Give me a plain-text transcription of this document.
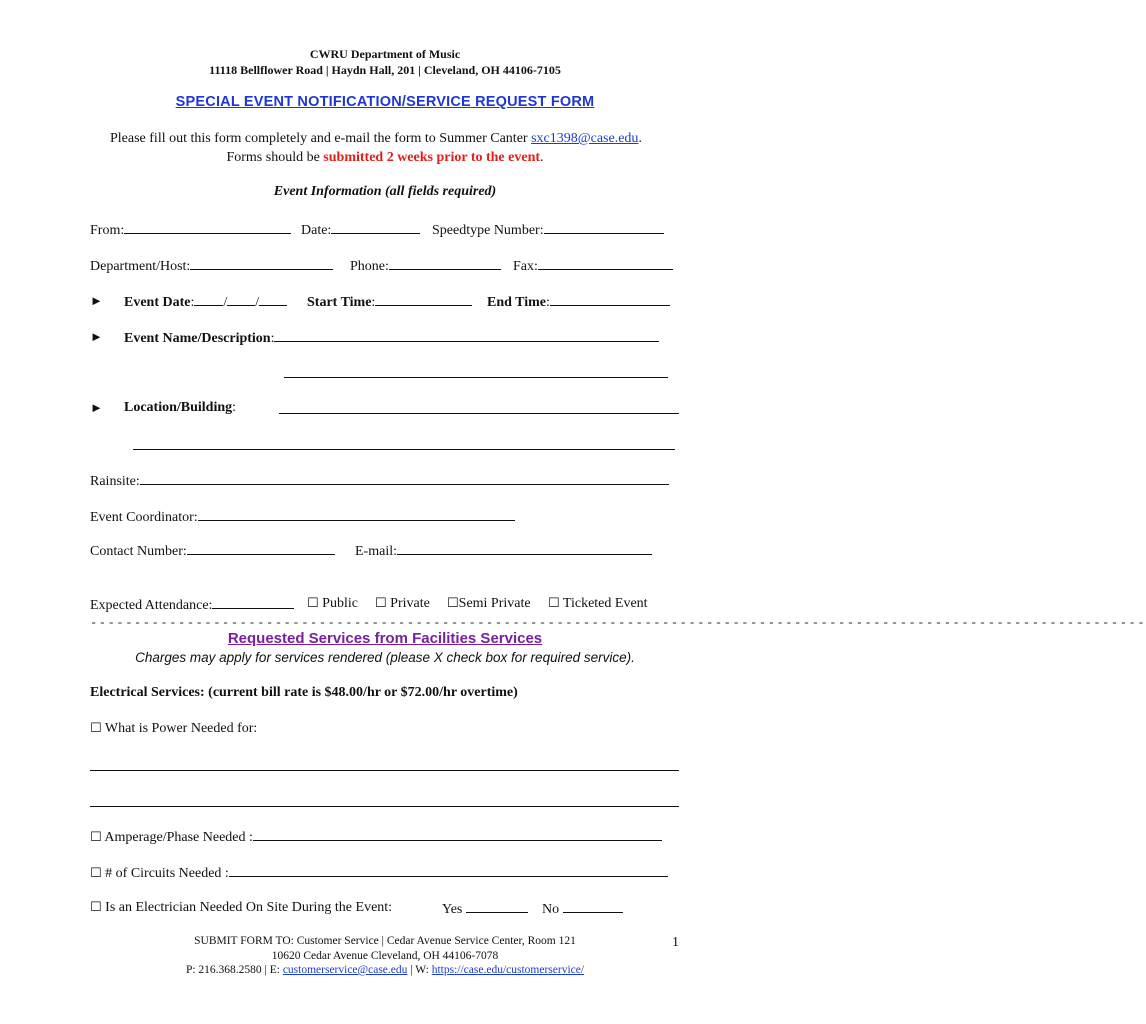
CWRU Department of Music
11118 Bellflower Road | Haydn Hall, 201 | Cleveland, OH 44106-7105
SPECIAL EVENT NOTIFICATION/SERVICE REQUEST FORM
Please fill out this form completely and e-mail the form to Summer Canter sxc1398@case.edu.
Forms should be submitted 2 weeks prior to the event.
Event Information (all fields required)
From:	Date:	Speedtype Number:
Department/Host:	Phone:	Fax:
► Event Date: / /	Start Time:	End Time:
► Event Name/Description:
► Location/Building:
Rainsite:
Event Coordinator:
Contact Number:	E-mail:
Expected Attendance:	☐ Public ☐ Private ☐Semi Private ☐ Ticketed Event
------------------------------------------------------------------------------------------------------------------------
Requested Services from Facilities Services
Charges may apply for services rendered (please X check box for required service).
Electrical Services: (current bill rate is $48.00/hr or $72.00/hr overtime)
☐ What is Power Needed for:
☐ Amperage/Phase Needed :
☐ # of Circuits Needed :
☐ Is an Electrician Needed On Site During the Event:	Yes	No
SUBMIT FORM TO: Customer Service | Cedar Avenue Service Center, Room 121
10620 Cedar Avenue Cleveland, OH 44106-7078
P: 216.368.2580 | E: customerservice@case.edu | W: https://case.edu/customerservice/
1
